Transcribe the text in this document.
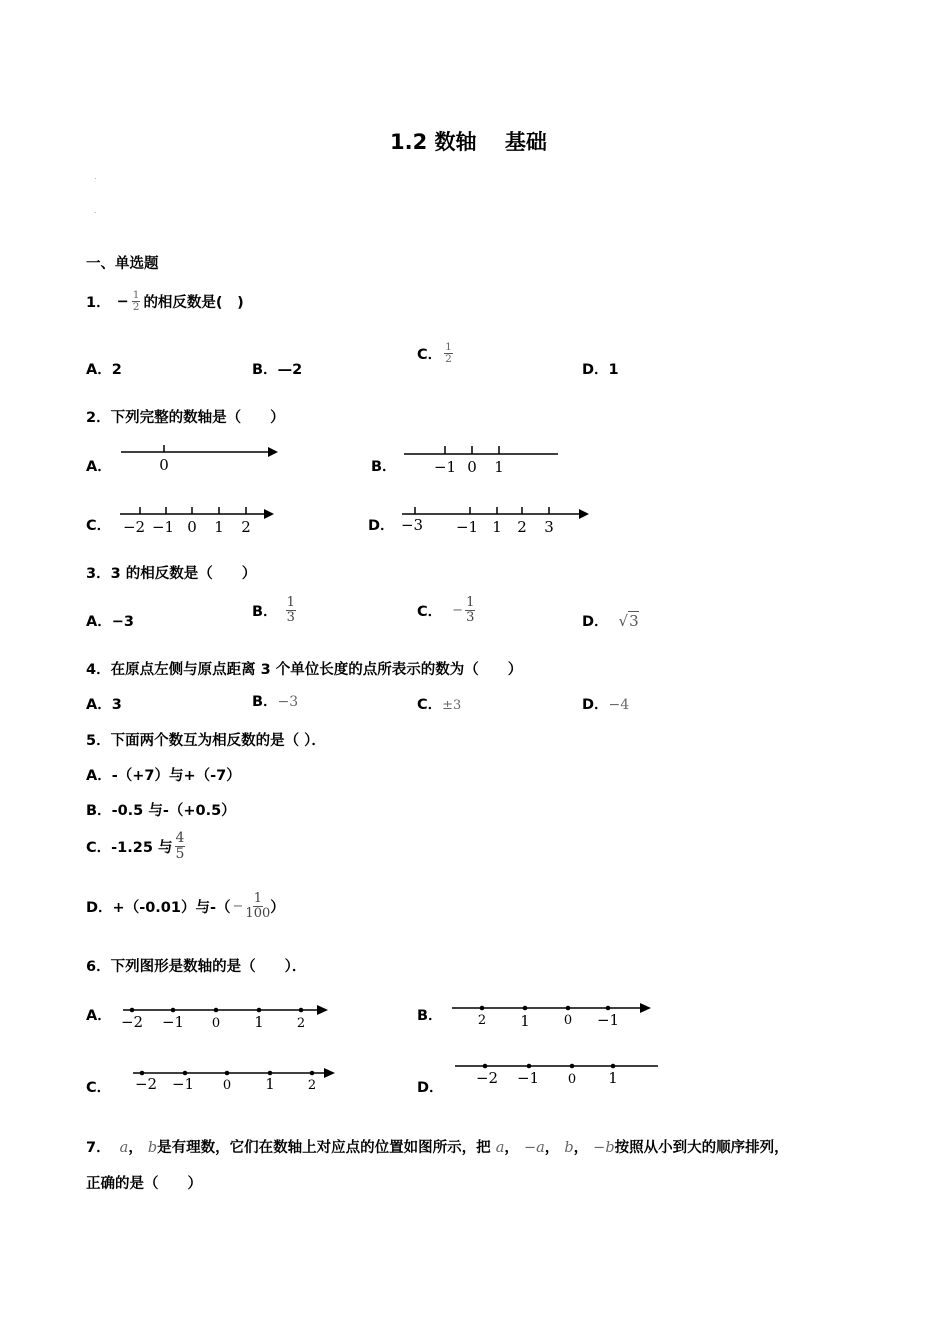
1.2 数轴　 基础
.
.
一、单选题
1． − $\frac{1}{2}$ 的相反数是(　)
A．2	B．—2
C． $\frac{1}{2}$
D．1
2．下列完整的数轴是（　　）
A．	0	B． −1 0 1
C． −2 −1 0 1 2	D． −3 −1 1 2 3
3．3 的相反数是（　　）
A．−3
B． $\frac{1}{3}$	C． − $\frac{1}{3}$	D． √3
4．在原点左侧与原点距离 3 个单位长度的点所表示的数为（　　）
A．3	B．−3	C．±3	D．−4
5．下面两个数互为相反数的是（ ）．
A．-（+7）与+（-7）
B．-0.5 与-（+0.5）
C． -1.25 与 $\frac{4}{5}$
D． +（-0.01）与-（ − $\frac{1}{100}$ ）
6．下列图形是数轴的是（　　）．
A． −2 −1 0 1	2	B．	2 1	0 −1
C． −2 −1 0 1	2	D．
−2 −1 0 1
7． a， b是有理数，它们在数轴上对应点的位置如图所示，把 a， −a， b， −b按照从小到大的顺序排列，
正确的是（　　）
